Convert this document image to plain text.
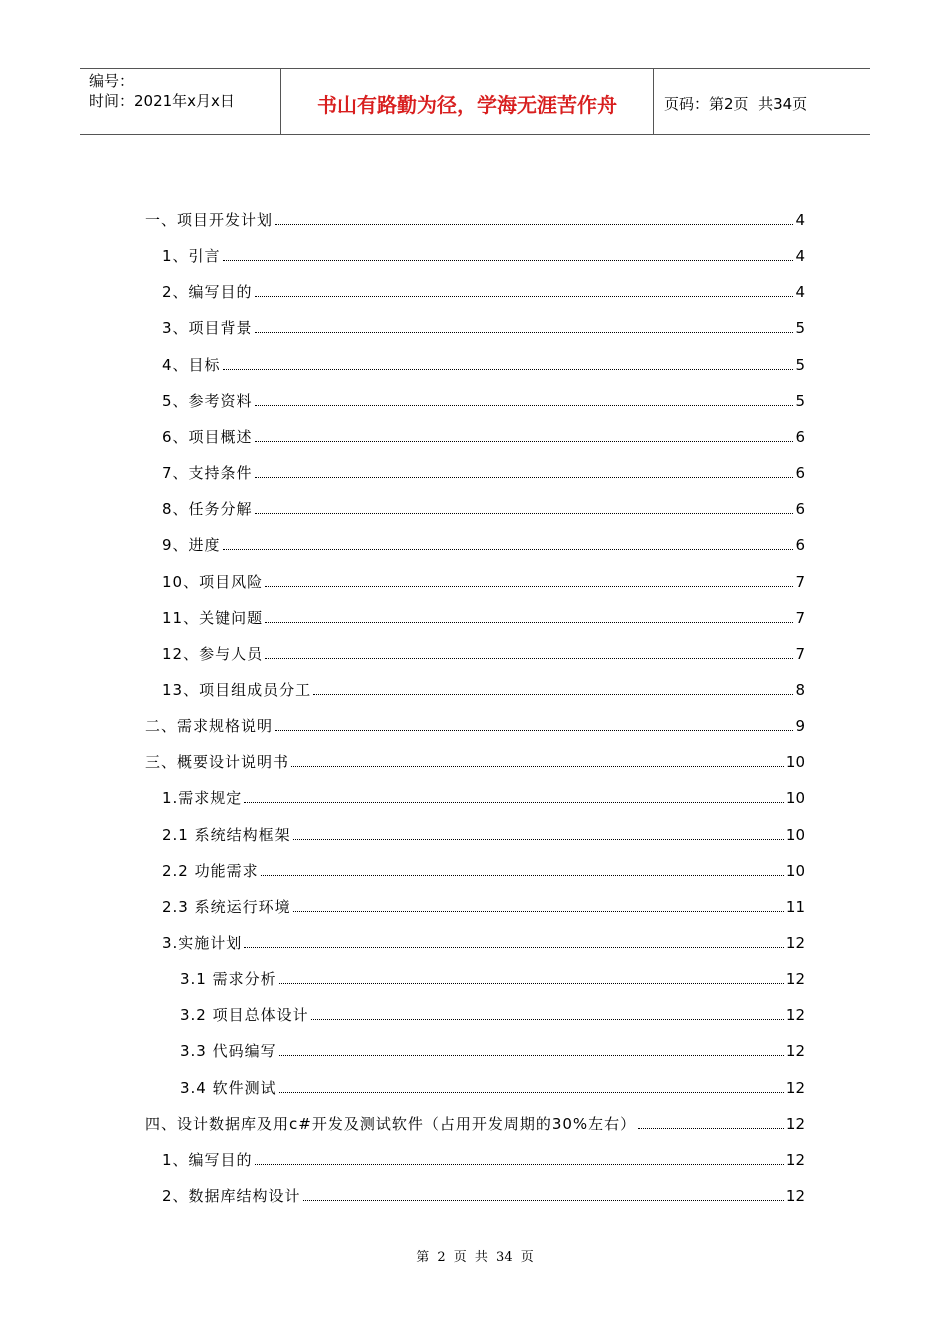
编号：
时间：2021年x月x日	书山有路勤为径，学海无涯苦作舟	页码：第2页  共34页
一、项目开发计划	4
1、引言	4
2、编写目的	4
3、项目背景	5
4、目标	5
5、参考资料	5
6、项目概述	6
7、支持条件	6
8、任务分解	6
9、进度	6
10、项目风险	7
11、关键问题	7
12、参与人员	7
13、项目组成员分工	8
二、需求规格说明	9
三、概要设计说明书	10
1.需求规定	10
2.1 系统结构框架	10
2.2 功能需求	10
2.3 系统运行环境	11
3.实施计划	12
3.1 需求分析	12
3.2 项目总体设计	12
3.3 代码编写	12
3.4 软件测试	12
四、设计数据库及用c#开发及测试软件（占用开发周期的30%左右）	12
1、编写目的	12
2、数据库结构设计	12
第 2 页 共 34 页
